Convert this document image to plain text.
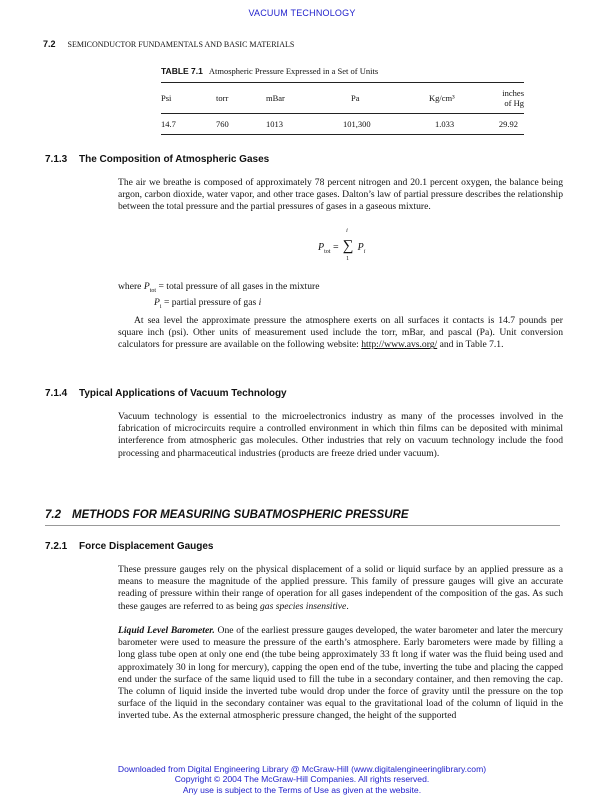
VACUUM TECHNOLOGY
7.2 SEMICONDUCTOR FUNDAMENTALS AND BASIC MATERIALS
TABLE 7.1 Atmospheric Pressure Expressed in a Set of Units
Psi	torr	mBar	Pa	Kg/cm³	inches of Hg
14.7	760	1013	101,300	1.033	29.92
7.1.3 The Composition of Atmospheric Gases
The air we breathe is composed of approximately 78 percent nitrogen and 20.1 percent oxygen, the balance being argon, carbon dioxide, water vapor, and other trace gases. Dalton’s law of partial pressure describes the relationship between the total pressure and the partial pressures of gases in a gaseous mixture.
$P_{tot}$ =
i
∑
1
$P_i$
where $P_{tot}$ = total pressure of all gases in the mixture
$P_i$ = partial pressure of gas i
At sea level the approximate pressure the atmosphere exerts on all surfaces it contacts is 14.7 pounds per square inch (psi). Other units of measurement used include the torr, mBar, and pascal (Pa). Unit conversion calculators for pressure are available on the following website: http://www.avs.org/ and in Table 7.1.
7.1.4 Typical Applications of Vacuum Technology
Vacuum technology is essential to the microelectronics industry as many of the processes involved in the fabrication of microcircuits require a controlled environment in which thin films can be deposited with minimal interference from atmospheric gas molecules. Other industries that rely on vacuum technology include the food processing and pharmaceutical industries (products are freeze dried under vacuum).
7.2 METHODS FOR MEASURING SUBATMOSPHERIC PRESSURE
7.2.1 Force Displacement Gauges
These pressure gauges rely on the physical displacement of a solid or liquid surface by an applied pressure as a means to measure the magnitude of the applied pressure. This family of pressure gauges will give an accurate reading of pressure within their range of operation for all gases independent of the composition of the gas. As such these gauges are referred to as being gas species insensitive.
Liquid Level Barometer. One of the earliest pressure gauges developed, the water barometer and later the mercury barometer were used to measure the pressure of the earth’s atmosphere. Early barometers were made by filling a long glass tube open at only one end (the tube being approximately 33 ft long if water was the fluid being used and approximately 30 in long for mercury), capping the open end of the tube, inverting the tube and placing the capped end under the surface of the same liquid used to fill the tube in a secondary container, and then removing the cap. The column of liquid inside the inverted tube would drop under the force of gravity until the pressure on the top surface of the liquid in the secondary container was equal to the gravitational load of the column of liquid in the inverted tube. As the external atmospheric pressure changed, the height of the supported
Downloaded from Digital Engineering Library @ McGraw-Hill (www.digitalengineeringlibrary.com)
Copyright © 2004 The McGraw-Hill Companies. All rights reserved.
Any use is subject to the Terms of Use as given at the website.
